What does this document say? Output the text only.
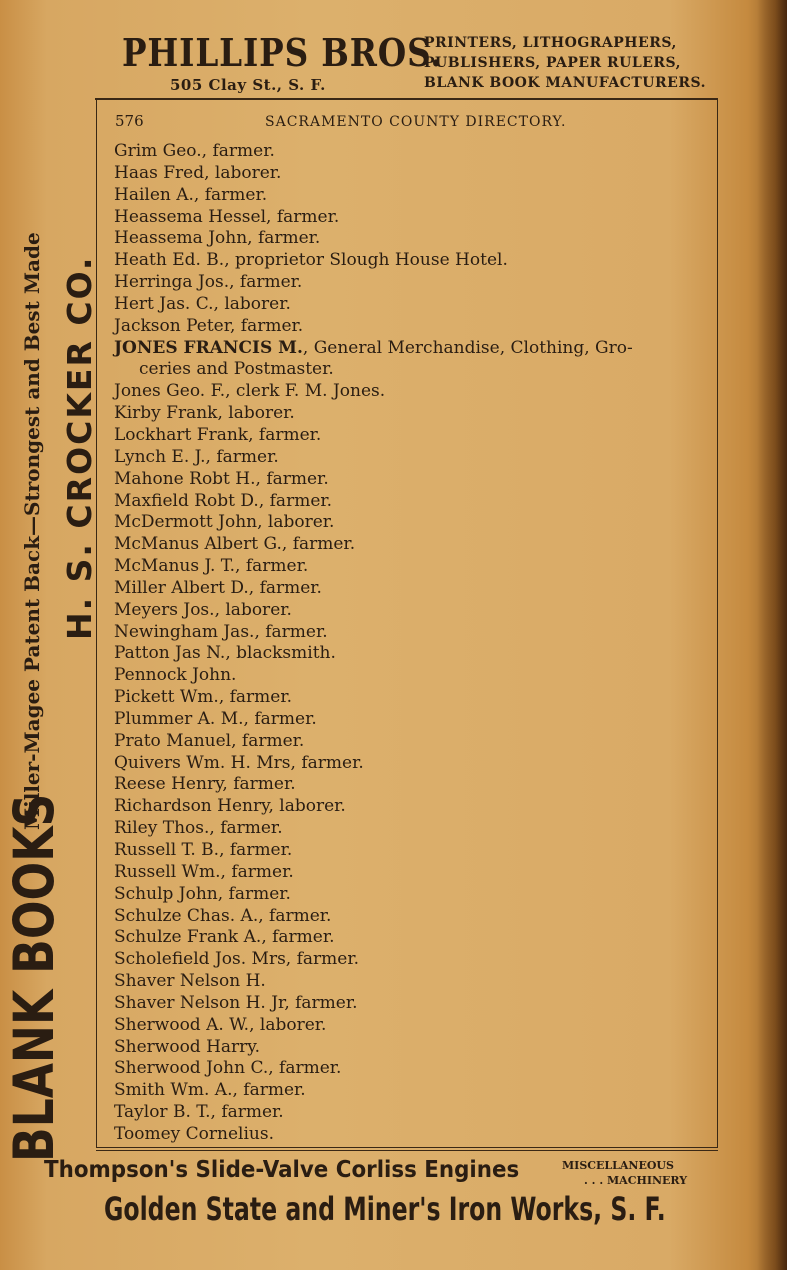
PHILLIPS BROS.
505 Clay St., S. F.
PRINTERS, LITHOGRAPHERS,
PUBLISHERS, PAPER RULERS,
BLANK BOOK MANUFACTURERS.
BLANK BOOKS
Miller-Magee Patent Back—Strongest and Best Made H. S. CROCKER CO.
576	SACRAMENTO COUNTY DIRECTORY.
Grim Geo., farmer.
Haas Fred, laborer.
Hailen A., farmer.
Heassema Hessel, farmer.
Heassema John, farmer.
Heath Ed. B., proprietor Slough House Hotel.
Herringa Jos., farmer.
Hert Jas. C., laborer.
Jackson Peter, farmer.
JONES FRANCIS M., General Merchandise, Clothing, Gro-
ceries and Postmaster.
Jones Geo. F., clerk F. M. Jones.
Kirby Frank, laborer.
Lockhart Frank, farmer.
Lynch E. J., farmer.
Mahone Robt H., farmer.
Maxfield Robt D., farmer.
McDermott John, laborer.
McManus Albert G., farmer.
McManus J. T., farmer.
Miller Albert D., farmer.
Meyers Jos., laborer.
Newingham Jas., farmer.
Patton Jas N., blacksmith.
Pennock John.
Pickett Wm., farmer.
Plummer A. M., farmer.
Prato Manuel, farmer.
Quivers Wm. H. Mrs, farmer.
Reese Henry, farmer.
Richardson Henry, laborer.
Riley Thos., farmer.
Russell T. B., farmer.
Russell Wm., farmer.
Schulp John, farmer.
Schulze Chas. A., farmer.
Schulze Frank A., farmer.
Scholefield Jos. Mrs, farmer.
Shaver Nelson H.
Shaver Nelson H. Jr, farmer.
Sherwood A. W., laborer.
Sherwood Harry.
Sherwood John C., farmer.
Smith Wm. A., farmer.
Taylor B. T., farmer.
Toomey Cornelius.
Thompson's Slide-Valve Corliss Engines	MISCELLANEOUS
. . . MACHINERY
Golden State and Miner's Iron Works, S. F.
